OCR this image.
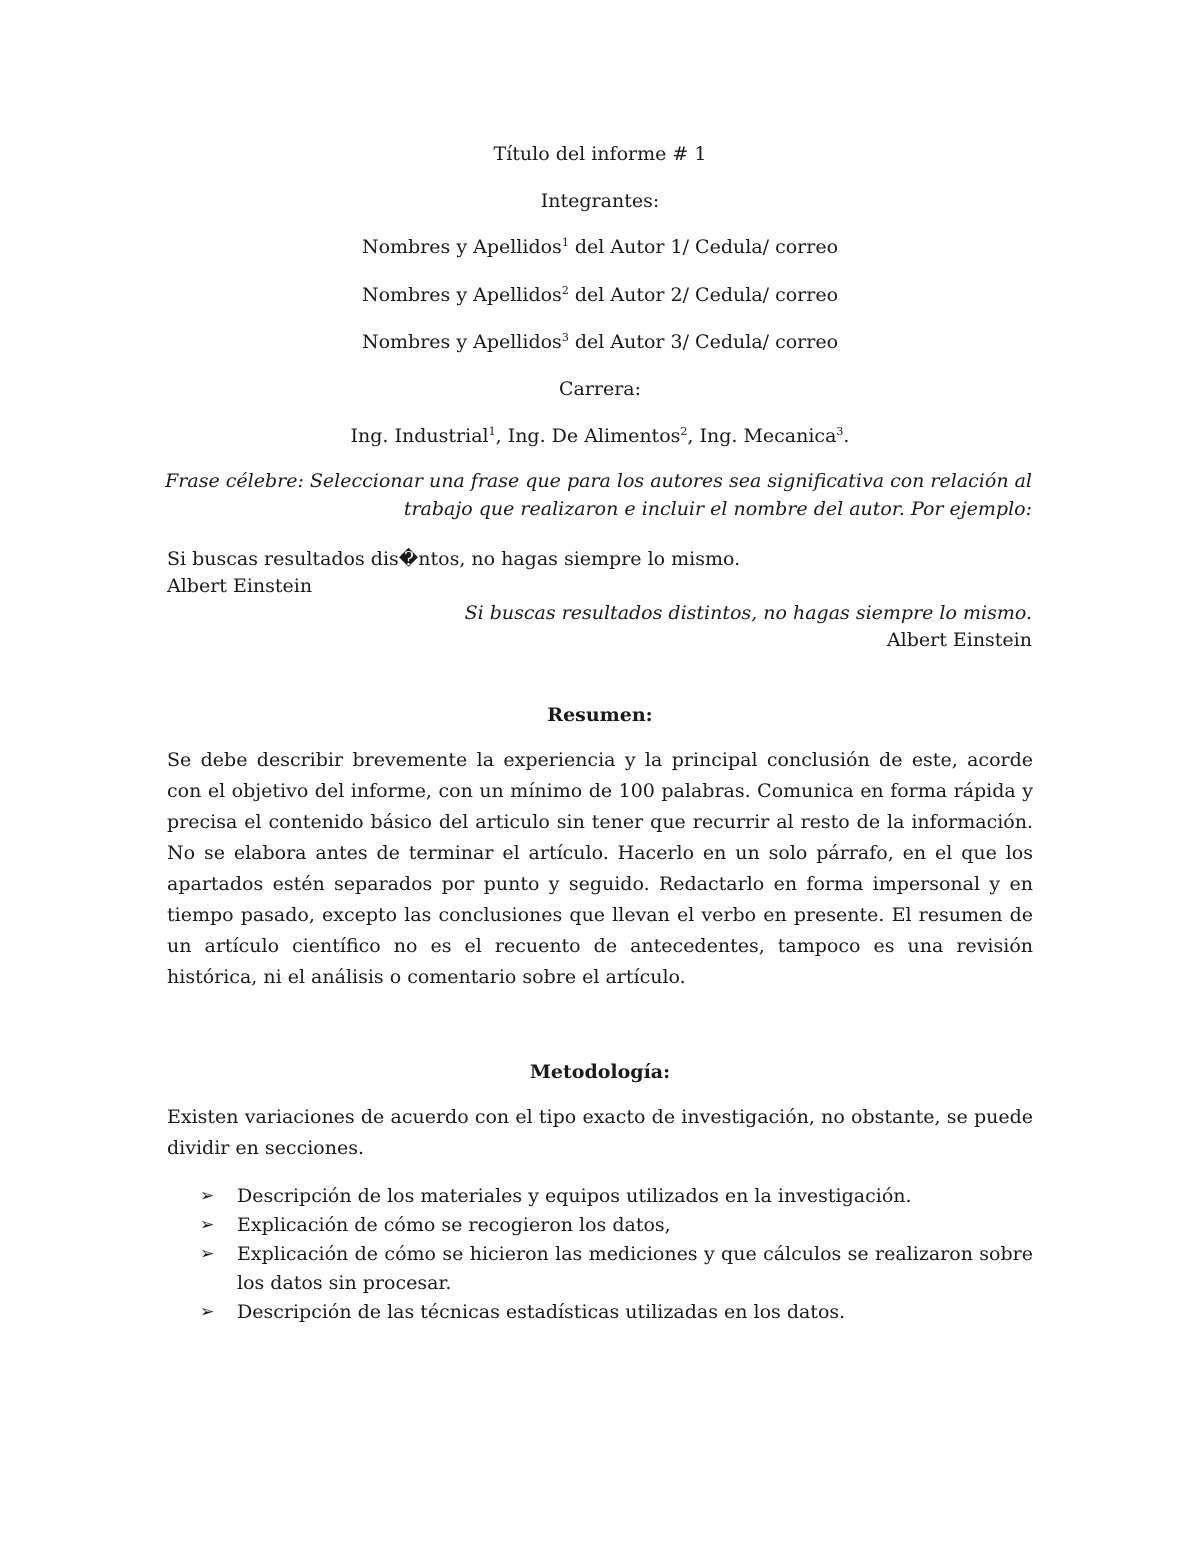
Título del informe # 1
Integrantes:
Nombres y Apellidos$^1$ del Autor 1/ Cedula/ correo
Nombres y Apellidos$^2$ del Autor 2/ Cedula/ correo
Nombres y Apellidos$^3$ del Autor 3/ Cedula/ correo
Carrera:
Ing. Industrial$^1$, Ing. De Alimentos$^2$, Ing. Mecanica$^3$.
Frase célebre: Seleccionar una frase que para los autores sea significativa con relación al trabajo que realizaron e incluir el nombre del autor. Por ejemplo:
Si buscas resultados dis�ntos, no hagas siempre lo mismo.
Albert Einstein
Si buscas resultados distintos, no hagas siempre lo mismo.
Albert Einstein
Resumen:

Se debe describir brevemente la experiencia y la principal conclusión de este, acorde con el objetivo del informe, con un mínimo de 100 palabras. Comunica en forma rápida y precisa el contenido básico del articulo sin tener que recurrir al resto de la información. No se elabora antes de terminar el artículo. Hacerlo en un solo párrafo, en el que los apartados estén separados por punto y seguido. Redactarlo en forma impersonal y en tiempo pasado, excepto las conclusiones que llevan el verbo en presente. El resumen de un artículo científico no es el recuento de antecedentes, tampoco es una revisión histórica, ni el análisis o comentario sobre el artículo.

Metodología:

Existen variaciones de acuerdo con el tipo exacto de investigación, no obstante, se puede dividir en secciones.

➢ Descripción de los materiales y equipos utilizados en la investigación.
➢ Explicación de cómo se recogieron los datos,
➢ Explicación de cómo se hicieron las mediciones y que cálculos se realizaron sobre los datos sin procesar.
➢ Descripción de las técnicas estadísticas utilizadas en los datos.
